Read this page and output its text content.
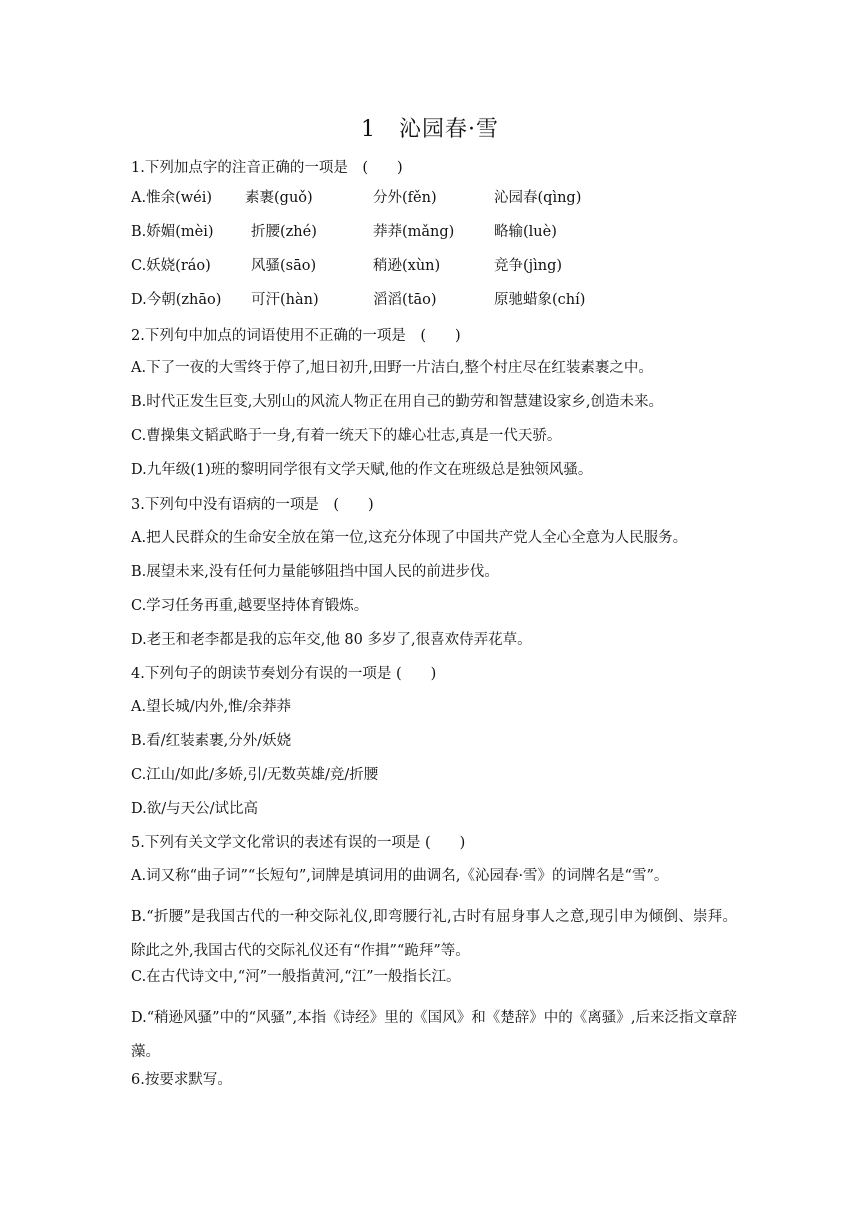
1　沁园春·雪
1.下列加点字的注音正确的一项是　(　　)
A.惟余(wéi) 素裹(guǒ)	分外(fěn)	沁园春(qìng)
B.娇媚(mèi)	折腰(zhé)	莽莽(mǎng)	略输(luè)
C.妖娆(ráo)	风骚(sāo)	稍逊(xùn)	竞争(jìng)
D.今朝(zhāo) 可汗(hàn)	滔滔(tāo)	原驰蜡象(chí)
2.下列句中加点的词语使用不正确的一项是　(　　)
A.下了一夜的大雪终于停了,旭日初升,田野一片洁白,整个村庄尽在红装素裹之中。
B.时代正发生巨变,大别山的风流人物正在用自己的勤劳和智慧建设家乡,创造未来。
C.曹操集文韬武略于一身,有着一统天下的雄心壮志,真是一代天骄。
D.九年级(1)班的黎明同学很有文学天赋,他的作文在班级总是独领风骚。
3.下列句中没有语病的一项是　(　　)
A.把人民群众的生命安全放在第一位,这充分体现了中国共产党人全心全意为人民服务。
B.展望未来,没有任何力量能够阻挡中国人民的前进步伐。
C.学习任务再重,越要坚持体育锻炼。
D.老王和老李都是我的忘年交,他 80 多岁了,很喜欢侍弄花草。
4.下列句子的朗读节奏划分有误的一项是 (　　)
A.望长城/内外,惟/余莽莽
B.看/红装素裹,分外/妖娆
C.江山/如此/多娇,引/无数英雄/竞/折腰
D.欲/与天公/试比高
5.下列有关文学文化常识的表述有误的一项是 (　　)
A.词又称“曲子词”“长短句”,词牌是填词用的曲调名,《沁园春·雪》的词牌名是“雪”。
B.“折腰”是我国古代的一种交际礼仪,即弯腰行礼,古时有屈身事人之意,现引申为倾倒、崇拜。除此之外,我国古代的交际礼仪还有“作揖”“跪拜”等。
C.在古代诗文中,“河”一般指黄河,“江”一般指长江。
D.“稍逊风骚”中的“风骚”,本指《诗经》里的《国风》和《楚辞》中的《离骚》,后来泛指文章辞藻。
6.按要求默写。
